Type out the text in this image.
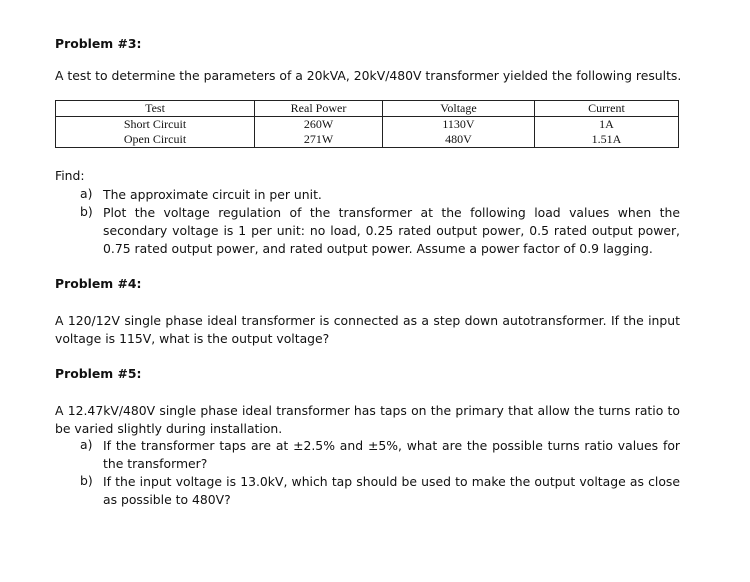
Problem #3:
A test to determine the parameters of a 20kVA, 20kV/480V transformer yielded the following results.
Test	Real Power	Voltage	Current
Short Circuit	260W	1130V	1A
Open Circuit	271W	480V	1.51A
Find:
a) The approximate circuit in per unit.
b) Plot the voltage regulation of the transformer at the following load values when the secondary voltage is 1 per unit: no load, 0.25 rated output power, 0.5 rated output power, 0.75 rated output power, and rated output power. Assume a power factor of 0.9 lagging.
Problem #4:
A 120/12V single phase ideal transformer is connected as a step down autotransformer. If the input voltage is 115V, what is the output voltage?
Problem #5:
A 12.47kV/480V single phase ideal transformer has taps on the primary that allow the turns ratio to be varied slightly during installation.
a) If the transformer taps are at ±2.5% and ±5%, what are the possible turns ratio values for the transformer?
b) If the input voltage is 13.0kV, which tap should be used to make the output voltage as close as possible to 480V?
